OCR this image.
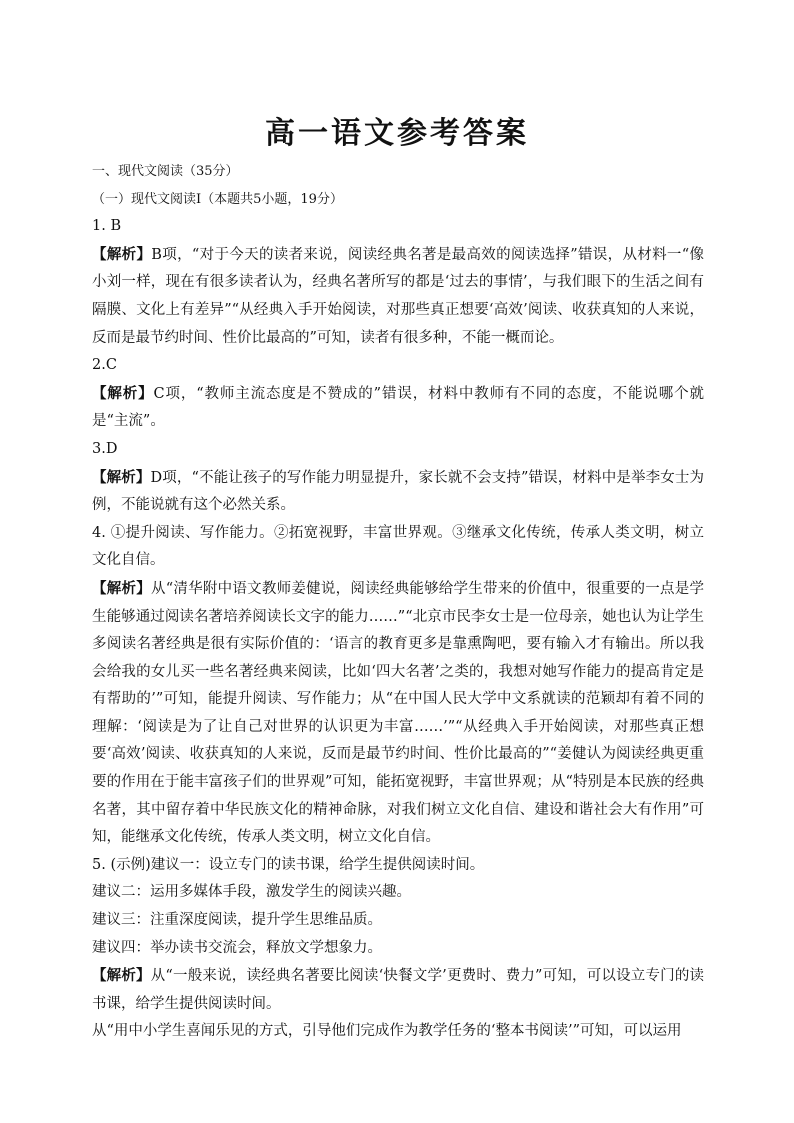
高一语文参考答案

一、现代文阅读（35分）

（一）现代文阅读Ⅰ（本题共5小题，19分）

1. B

【解析】B项，“对于今天的读者来说，阅读经典名著是最高效的阅读选择”错误，从材料一“像小刘一样，现在有很多读者认为，经典名著所写的都是‘过去的事情’，与我们眼下的生活之间有隔膜、文化上有差异”“从经典入手开始阅读，对那些真正想要‘高效’阅读、收获真知的人来说，反而是最节约时间、性价比最高的”可知，读者有很多种，不能一概而论。

2.C

【解析】C项，“教师主流态度是不赞成的”错误，材料中教师有不同的态度，不能说哪个就是“主流”。

3.D

【解析】D项，“不能让孩子的写作能力明显提升，家长就不会支持”错误，材料中是举李女士为例，不能说就有这个必然关系。

4. ①提升阅读、写作能力。②拓宽视野，丰富世界观。③继承文化传统，传承人类文明，树立文化自信。

【解析】从“清华附中语文教师姜健说，阅读经典能够给学生带来的价值中，很重要的一点是学生能够通过阅读名著培养阅读长文字的能力……”“北京市民李女士是一位母亲，她也认为让学生多阅读名著经典是很有实际价值的：‘语言的教育更多是靠熏陶吧，要有输入才有输出。所以我会给我的女儿买一些名著经典来阅读，比如‘四大名著’之类的，我想对她写作能力的提高肯定是有帮助的’”可知，能提升阅读、写作能力；从“在中国人民大学中文系就读的范颖却有着不同的理解：‘阅读是为了让自己对世界的认识更为丰富……’”“从经典入手开始阅读，对那些真正想要‘高效’阅读、收获真知的人来说，反而是最节约时间、性价比最高的”“姜健认为阅读经典更重要的作用在于能丰富孩子们的世界观”可知，能拓宽视野，丰富世界观；从“特别是本民族的经典名著，其中留存着中华民族文化的精神命脉，对我们树立文化自信、建设和谐社会大有作用”可知，能继承文化传统，传承人类文明，树立文化自信。

5. (示例)建议一：设立专门的读书课，给学生提供阅读时间。

建议二：运用多媒体手段，激发学生的阅读兴趣。

建议三：注重深度阅读，提升学生思维品质。

建议四：举办读书交流会，释放文学想象力。

【解析】从“一般来说，读经典名著要比阅读‘快餐文学’更费时、费力”可知，可以设立专门的读书课，给学生提供阅读时间。

从“用中小学生喜闻乐见的方式，引导他们完成作为教学任务的‘整本书阅读’”可知，可以运用
